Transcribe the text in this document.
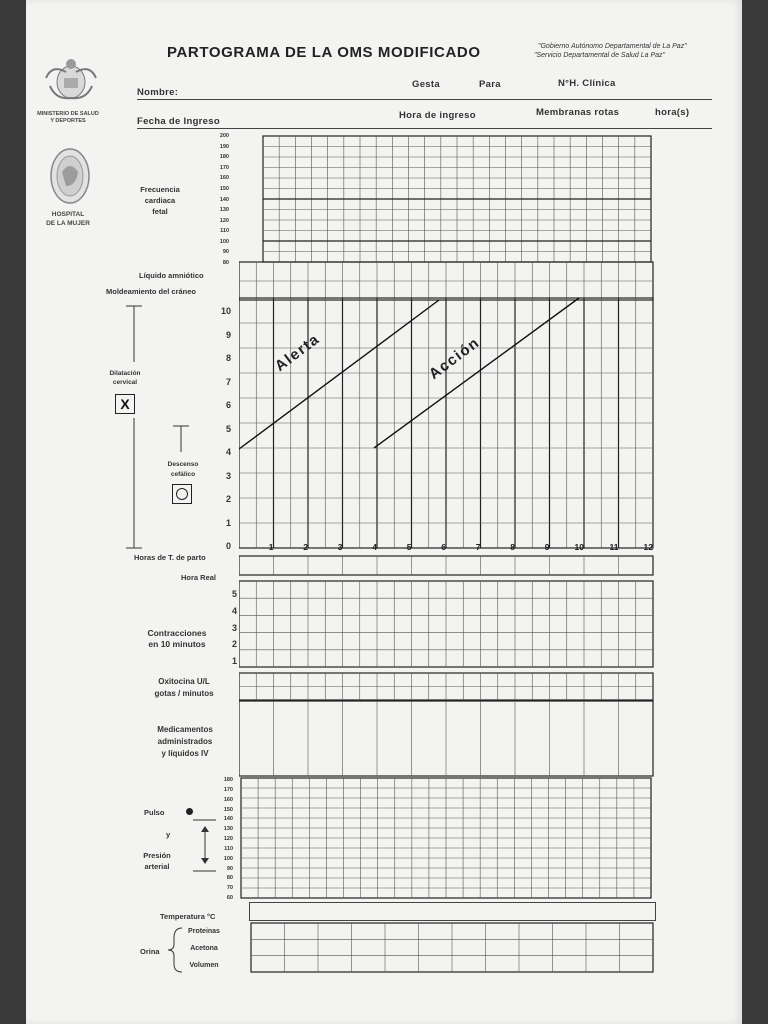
PARTOGRAMA DE LA OMS MODIFICADO	"Gobierno Autónomo Departamental de La Paz"
"Servicio Departamental de Salud La Paz"
MINISTERIO DE SALUD
Y DEPORTES
HOSPITAL
DE LA MUJER
Nombre:
Gesta	Para	N°H. Clínica
Fecha de Ingreso
Hora de ingreso	Membranas rotas	hora(s)
Frecuencia
cardiaca
fetal
200
190
180
170
160
150
140
130
120
110
100
90
80
Líquido amniótico
Moldeamiento del cráneo
10
9
8
7
6
5
4
3
2
1
0
Alerta	Acción
Dilatación
cervical
X
Descenso
cefálico
Horas de T. de parto
1	2	3	4	5	6	7	8	9	10	11	12
Hora Real
Contracciones
en 10 minutos
5
4
3
2
1
Oxitocina U/L
gotas / minutos
Medicamentos
administrados
y líquidos IV
Pulso
y
Presión
arterial
180
170
160
150
140
130
120
110
100
90
80
70
60
Temperatura °C
Orina
Proteinas
Acetona
Volumen
